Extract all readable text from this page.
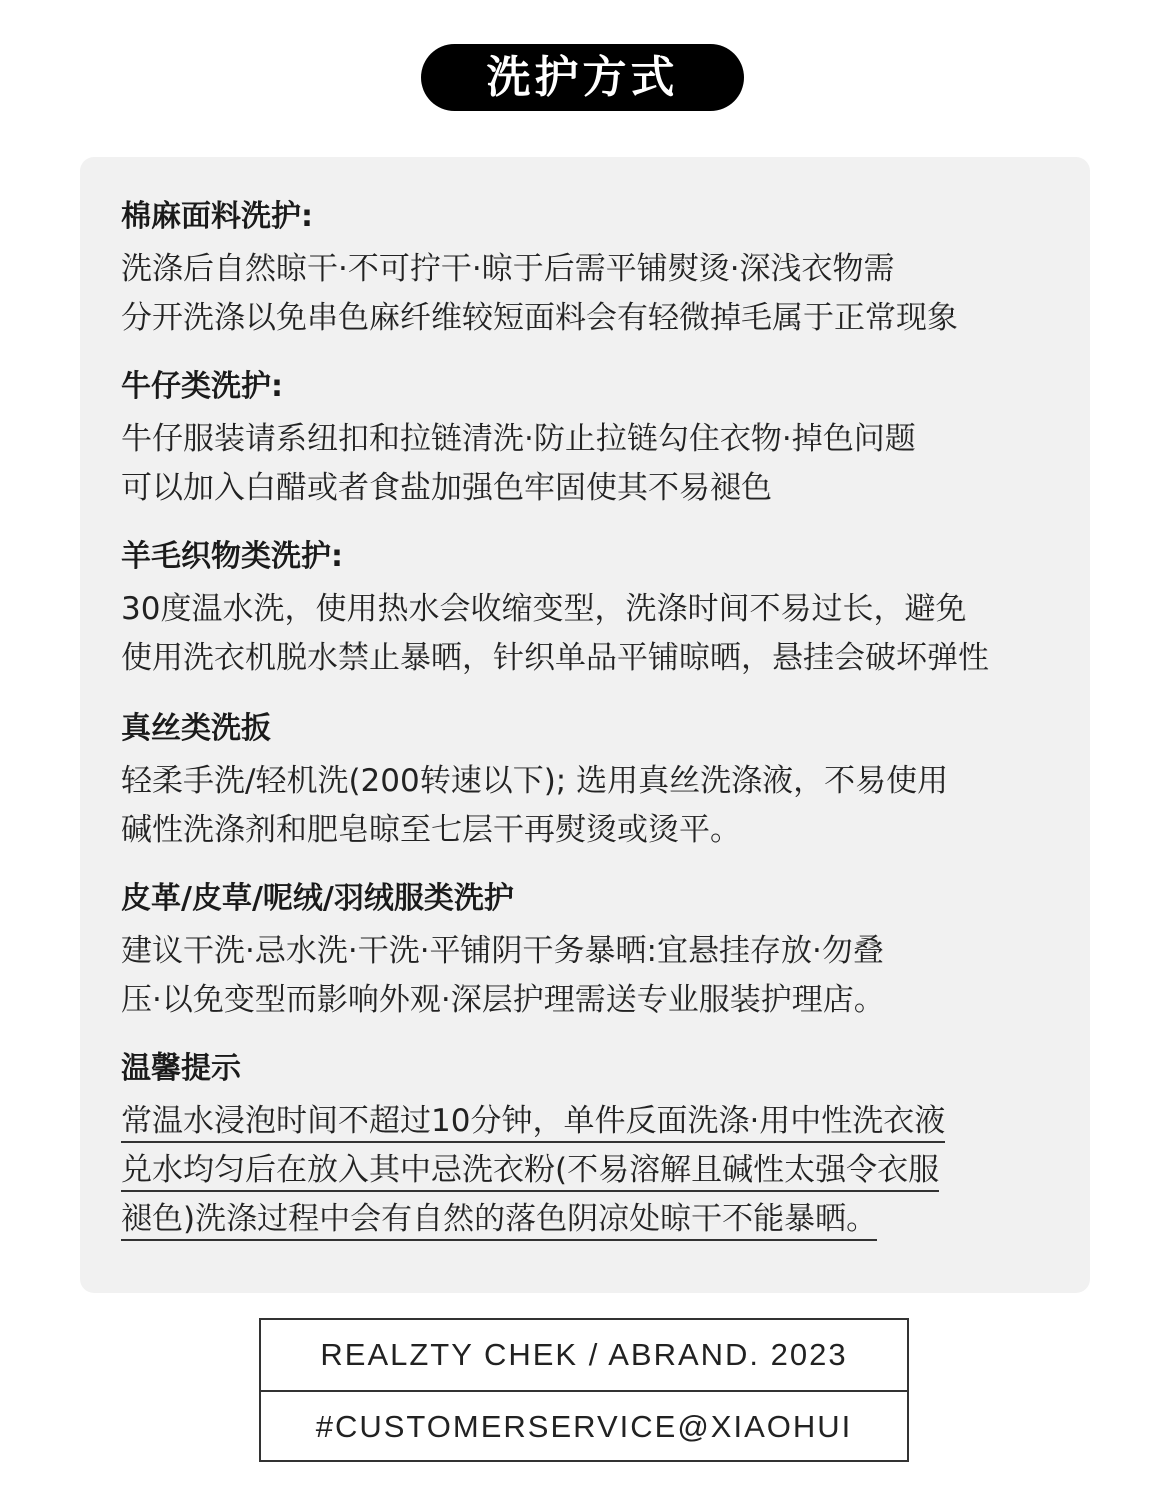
洗护方式
棉麻面料洗护:
洗涤后自然晾干·不可拧干·晾于后需平铺熨烫·深浅衣物需
分开洗涤以免串色麻纤维较短面料会有轻微掉毛属于正常现象
牛仔类洗护:
牛仔服装请系纽扣和拉链清洗·防止拉链勾住衣物·掉色问题
可以加入白醋或者食盐加强色牢固使其不易褪色
羊毛织物类洗护:
30度温水洗，使用热水会收缩变型，洗涤时间不易过长，避免
使用洗衣机脱水禁止暴晒，针织单品平铺晾晒，悬挂会破坏弹性
真丝类洗扳
轻柔手洗/轻机洗(200转速以下); 选用真丝洗涤液，不易使用
碱性洗涤剂和肥皂晾至七层干再熨烫或烫平。
皮革/皮草/呢绒/羽绒服类洗护
建议干洗·忌水洗·干洗·平铺阴干务暴晒:宜悬挂存放·勿叠
压·以免变型而影响外观·深层护理需送专业服装护理店。
温馨提示
常温水浸泡时间不超过10分钟，单件反面洗涤·用中性洗衣液
兑水均匀后在放入其中忌洗衣粉(不易溶解且碱性太强令衣服
褪色)洗涤过程中会有自然的落色阴凉处晾干不能暴晒。
REALZTY CHEK / ABRAND. 2023
#CUSTOMERSERVICE@XIAOHUI
